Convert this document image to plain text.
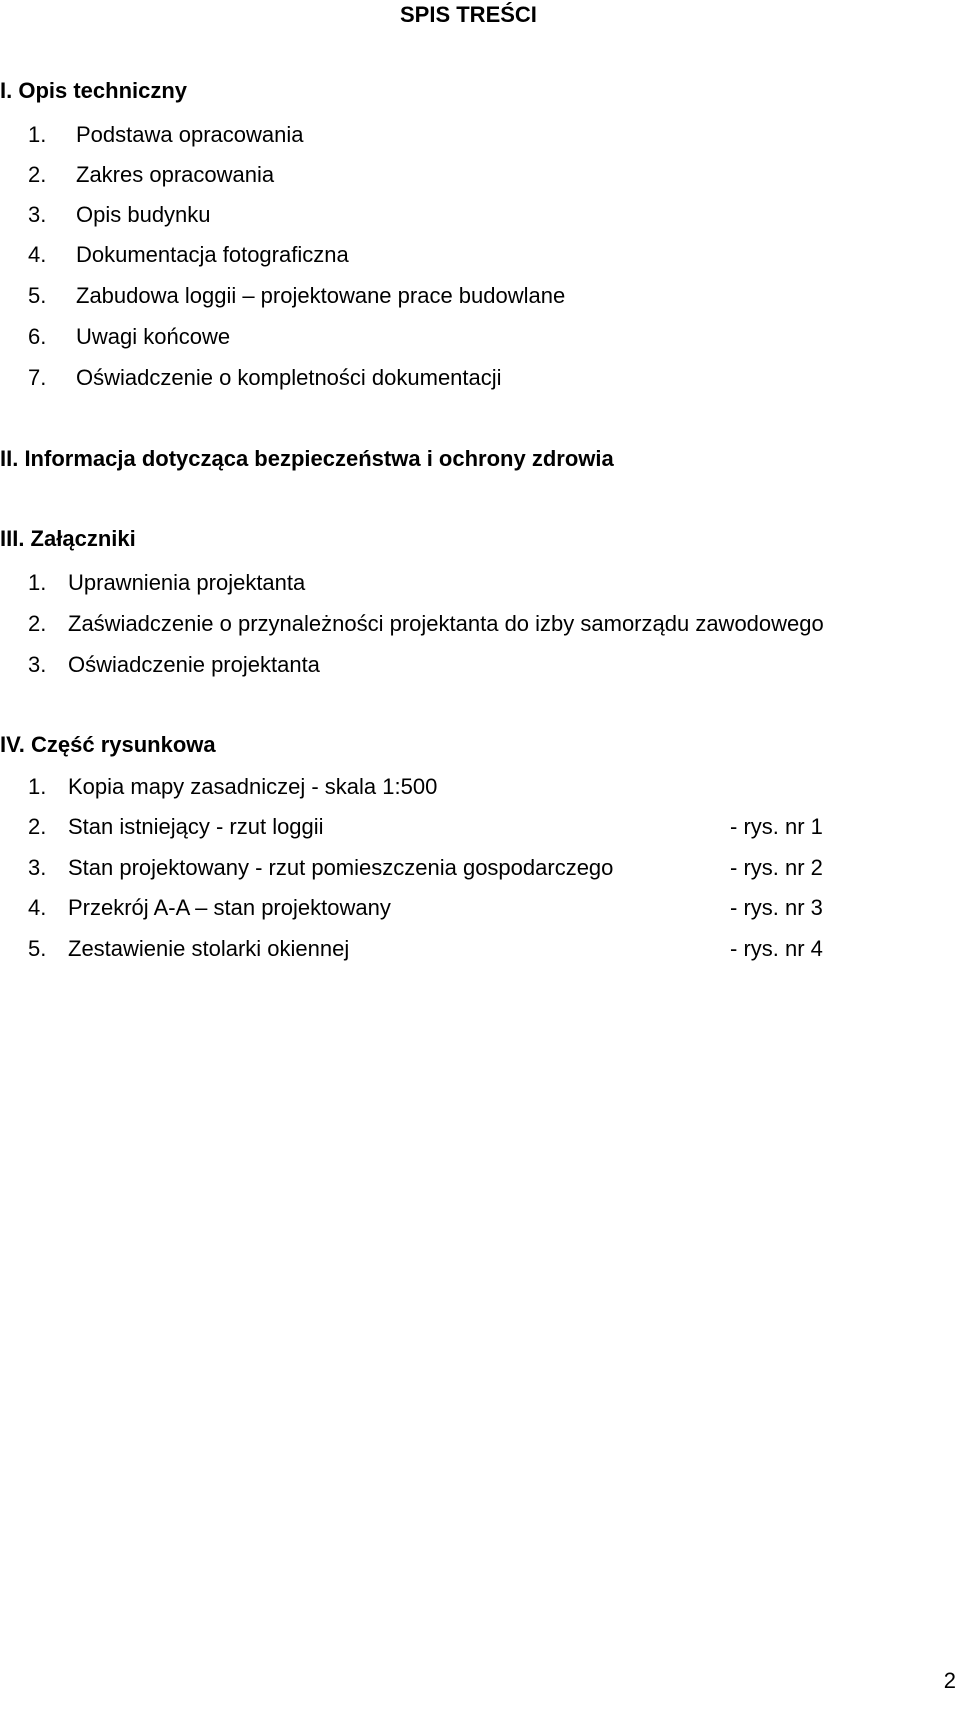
SPIS TREŚCI
I. Opis techniczny
1. Podstawa opracowania
2. Zakres opracowania
3. Opis budynku
4. Dokumentacja fotograficzna
5. Zabudowa loggii – projektowane prace budowlane
6. Uwagi końcowe
7. Oświadczenie o kompletności dokumentacji
II. Informacja dotycząca bezpieczeństwa i ochrony zdrowia
III. Załączniki
1. Uprawnienia projektanta
2. Zaświadczenie o przynależności projektanta do izby samorządu zawodowego
3. Oświadczenie projektanta
IV. Część rysunkowa
1. Kopia mapy zasadniczej - skala 1:500
2. Stan istniejący - rzut loggii	- rys. nr 1
3. Stan projektowany - rzut pomieszczenia gospodarczego	- rys. nr 2
4. Przekrój A-A – stan projektowany	- rys. nr 3
5. Zestawienie stolarki okiennej	- rys. nr 4
2
